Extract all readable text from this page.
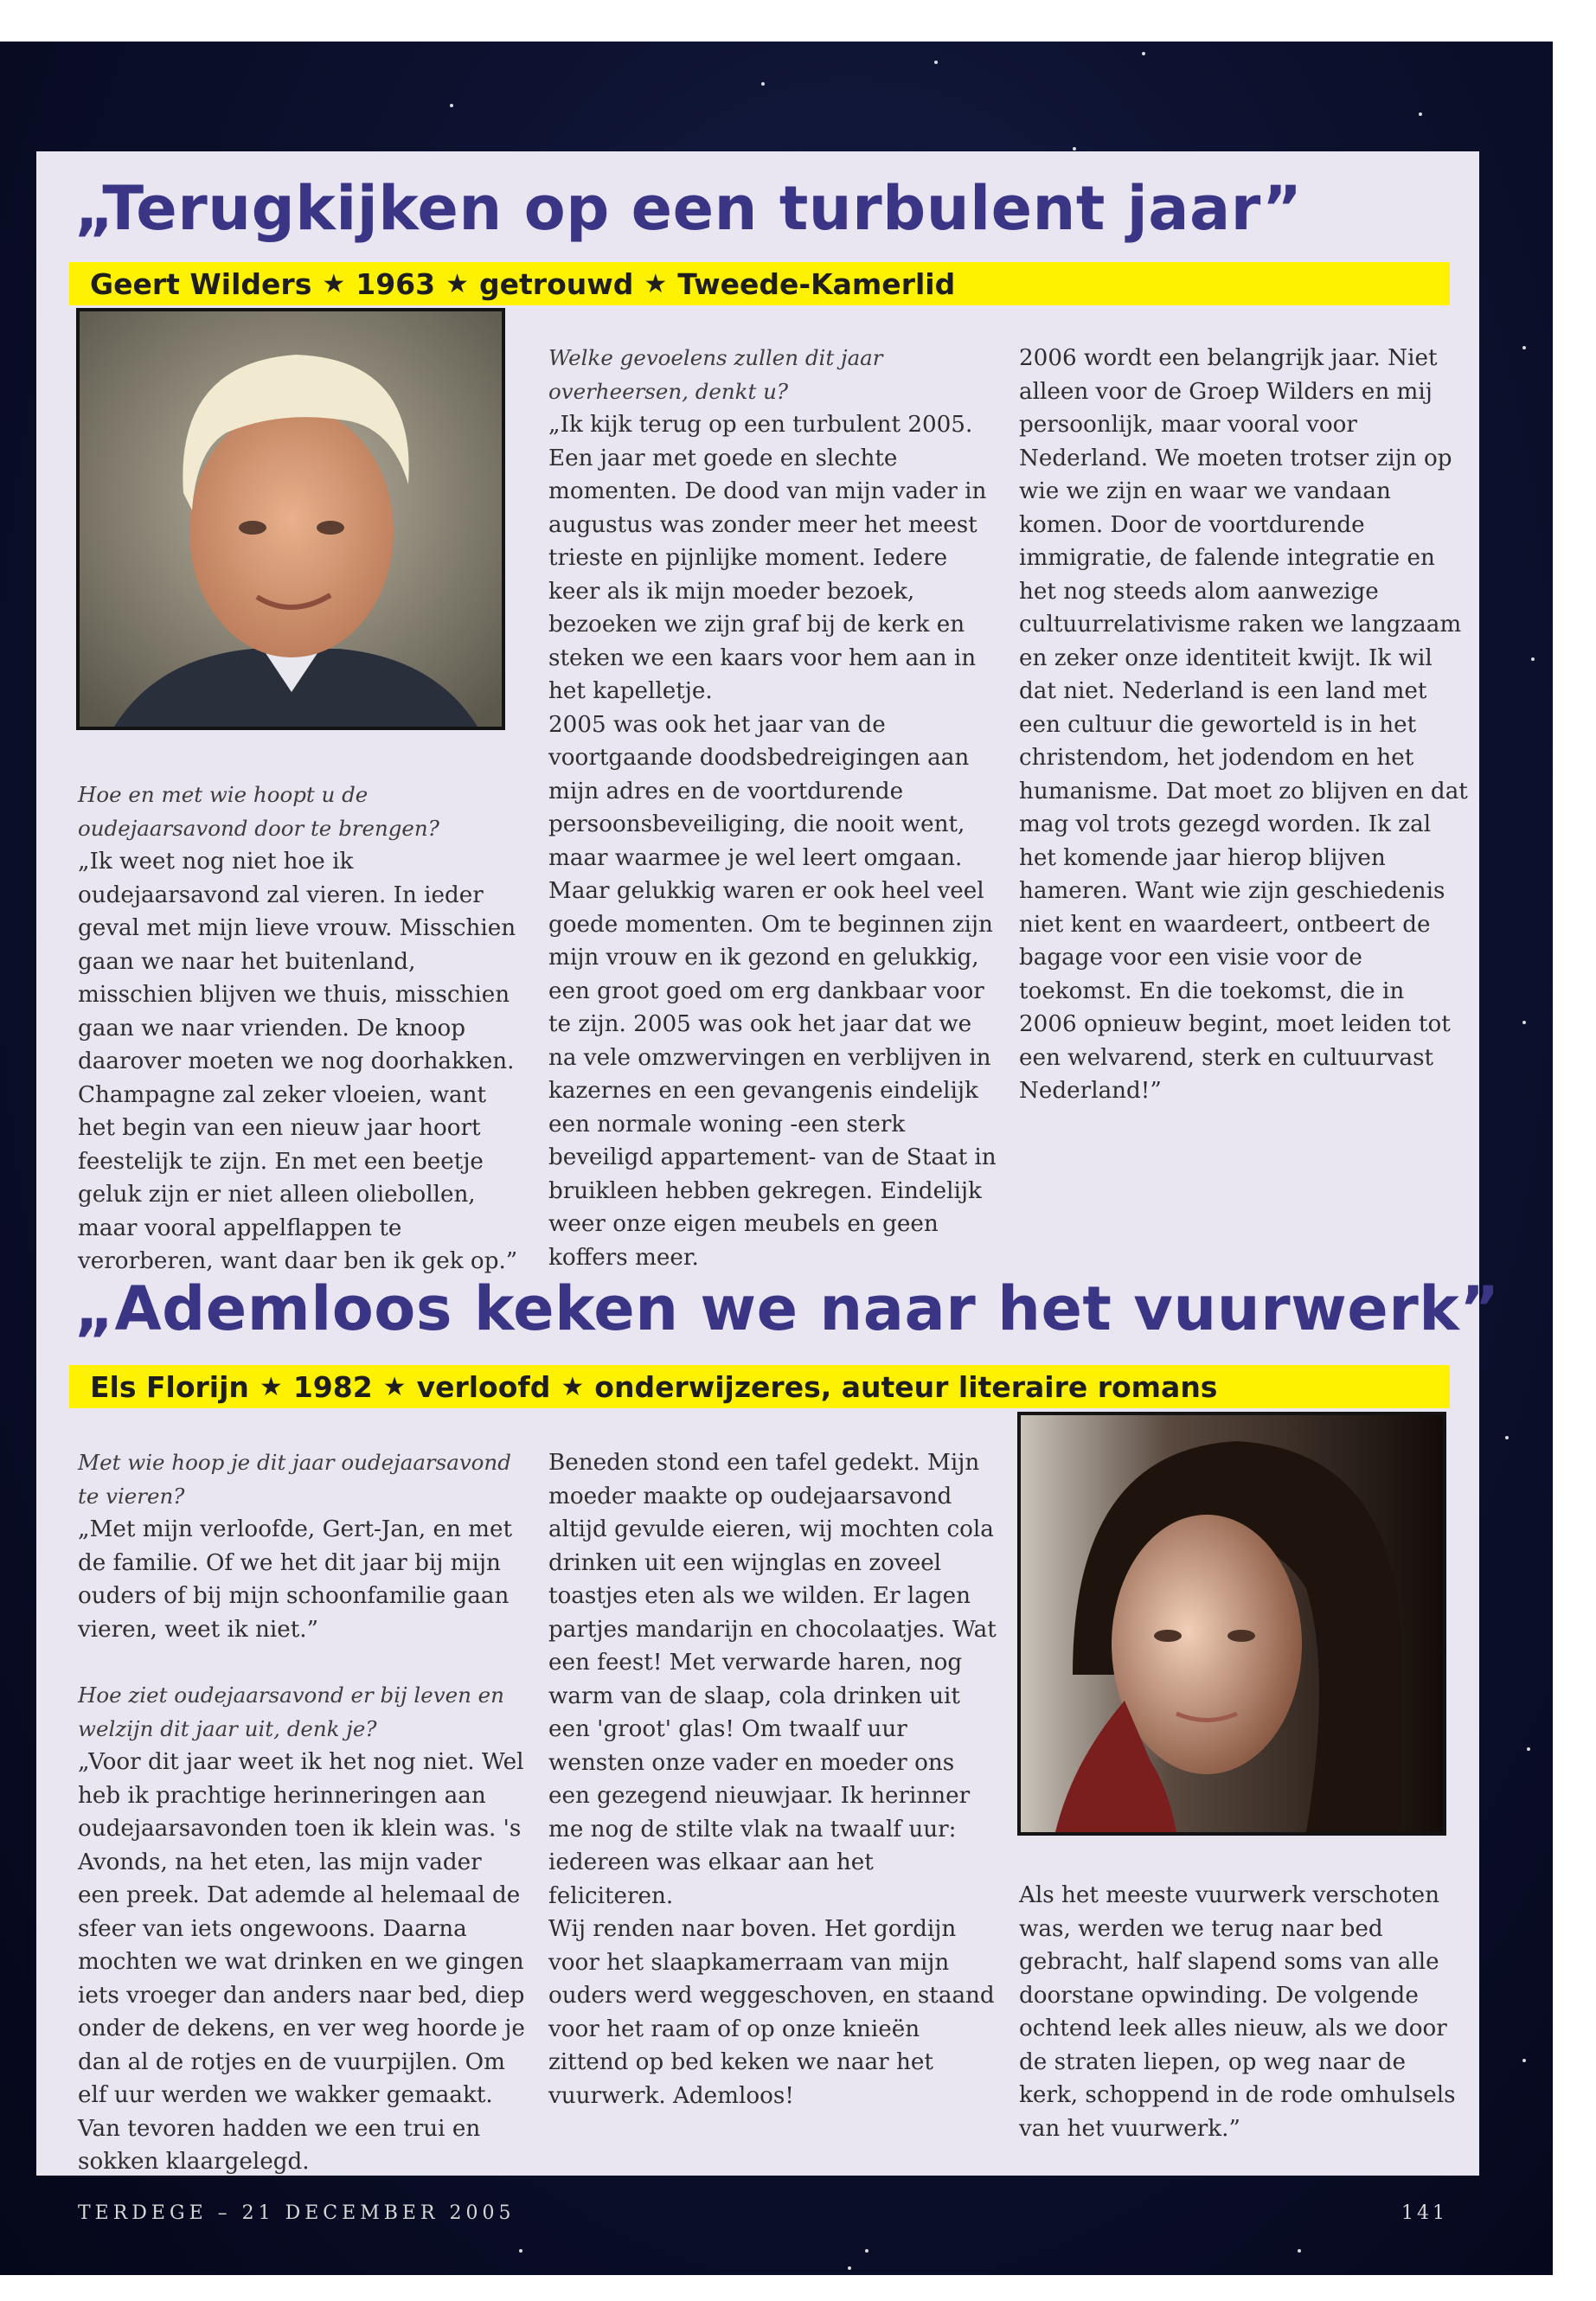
„Terugkijken op een turbulent jaar”
Geert Wilders ★ 1963 ★ getrouwd ★ Tweede-Kamerlid

Hoe en met wie hoopt u de oudejaarsavond door te brengen?

„Ik weet nog niet hoe ik oudejaarsavond zal vieren. In ieder geval met mijn lieve vrouw. Misschien gaan we naar het buitenland, misschien blijven we thuis, misschien gaan we naar vrienden. De knoop daarover moeten we nog doorhakken. Champagne zal zeker vloeien, want het begin van een nieuw jaar hoort feestelijk te zijn. En met een beetje geluk zijn er niet alleen oliebollen, maar vooral appelflappen te verorberen, want daar ben ik gek op.”

Welke gevoelens zullen dit jaar overheersen, denkt u?

„Ik kijk terug op een turbulent 2005. Een jaar met goede en slechte momenten. De dood van mijn vader in augustus was zonder meer het meest trieste en pijnlijke moment. Iedere keer als ik mijn moeder bezoek, bezoeken we zijn graf bij de kerk en steken we een kaars voor hem aan in het kapelletje.

2005 was ook het jaar van de voortgaande doodsbedreigingen aan mijn adres en de voortdurende persoonsbeveiliging, die nooit went, maar waarmee je wel leert omgaan.

Maar gelukkig waren er ook heel veel goede momenten. Om te beginnen zijn mijn vrouw en ik gezond en gelukkig, een groot goed om erg dankbaar voor te zijn. 2005 was ook het jaar dat we na vele omzwervingen en verblijven in kazernes en een gevangenis eindelijk een normale woning -een sterk beveiligd appartement- van de Staat in bruikleen hebben gekregen. Eindelijk weer onze eigen meubels en geen koffers meer.

2006 wordt een belangrijk jaar. Niet alleen voor de Groep Wilders en mij persoonlijk, maar vooral voor Nederland. We moeten trotser zijn op wie we zijn en waar we vandaan komen. Door de voortdurende immigratie, de falende integratie en het nog steeds alom aanwezige cultuurrelativisme raken we langzaam en zeker onze identiteit kwijt. Ik wil dat niet. Nederland is een land met een cultuur die geworteld is in het christendom, het jodendom en het humanisme. Dat moet zo blijven en dat mag vol trots gezegd worden. Ik zal het komende jaar hierop blijven hameren. Want wie zijn geschiedenis niet kent en waardeert, ontbeert de bagage voor een visie voor de toekomst. En die toekomst, die in 2006 opnieuw begint, moet leiden tot een welvarend, sterk en cultuurvast Nederland!”

„Ademloos keken we naar het vuurwerk”
Els Florijn ★ 1982 ★ verloofd ★ onderwijzeres, auteur literaire romans

Met wie hoop je dit jaar oudejaarsavond te vieren?

„Met mijn verloofde, Gert-Jan, en met de familie. Of we het dit jaar bij mijn ouders of bij mijn schoonfamilie gaan vieren, weet ik niet.”

Hoe ziet oudejaarsavond er bij leven en welzijn dit jaar uit, denk je?

„Voor dit jaar weet ik het nog niet. Wel heb ik prachtige herinneringen aan oudejaarsavonden toen ik klein was. 's Avonds, na het eten, las mijn vader een preek. Dat ademde al helemaal de sfeer van iets ongewoons. Daarna mochten we wat drinken en we gingen iets vroeger dan anders naar bed, diep onder de dekens, en ver weg hoorde je dan al de rotjes en de vuurpijlen. Om elf uur werden we wakker gemaakt. Van tevoren hadden we een trui en sokken klaargelegd.

Beneden stond een tafel gedekt. Mijn moeder maakte op oudejaarsavond altijd gevulde eieren, wij mochten cola drinken uit een wijnglas en zoveel toastjes eten als we wilden. Er lagen partjes mandarijn en chocolaatjes. Wat een feest! Met verwarde haren, nog warm van de slaap, cola drinken uit een 'groot' glas! Om twaalf uur wensten onze vader en moeder ons een gezegend nieuwjaar. Ik herinner me nog de stilte vlak na twaalf uur: iedereen was elkaar aan het feliciteren.

Wij renden naar boven. Het gordijn voor het slaapkamerraam van mijn ouders werd weggeschoven, en staand voor het raam of op onze knieën zittend op bed keken we naar het vuurwerk. Ademloos!

Als het meeste vuurwerk verschoten was, werden we terug naar bed gebracht, half slapend soms van alle doorstane opwinding. De volgende ochtend leek alles nieuw, als we door de straten liepen, op weg naar de kerk, schoppend in de rode omhulsels van het vuurwerk.”

TERDEGE – 21 DECEMBER 2005	141
